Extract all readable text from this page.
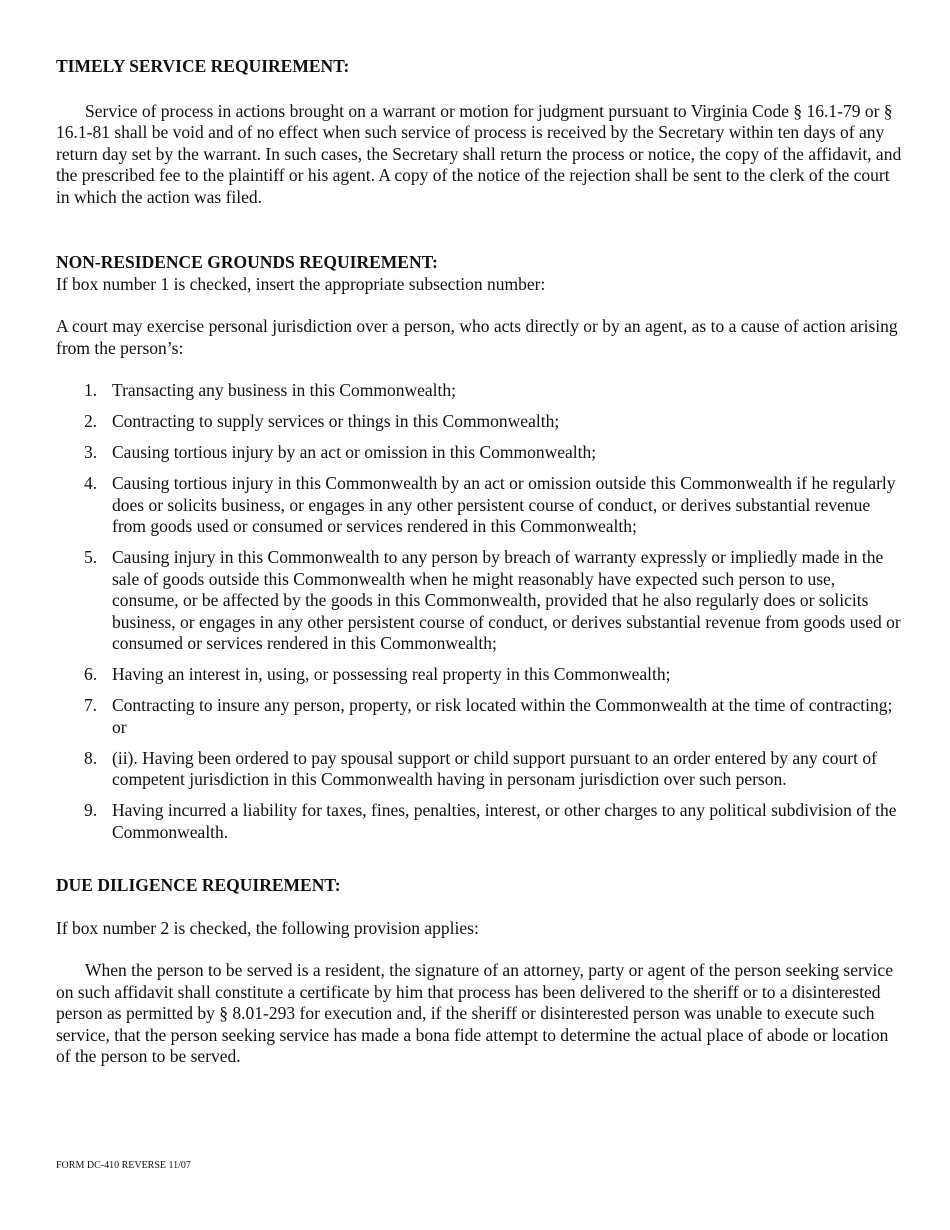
TIMELY SERVICE REQUIREMENT:

Service of process in actions brought on a warrant or motion for judgment pursuant to Virginia Code § 16.1-79 or § 16.1-81 shall be void and of no effect when such service of process is received by the Secretary within ten days of any return day set by the warrant. In such cases, the Secretary shall return the process or notice, the copy of the affidavit, and the prescribed fee to the plaintiff or his agent. A copy of the notice of the rejection shall be sent to the clerk of the court in which the action was filed.

NON-RESIDENCE GROUNDS REQUIREMENT:

If box number 1 is checked, insert the appropriate subsection number:

A court may exercise personal jurisdiction over a person, who acts directly or by an agent, as to a cause of action arising from the person’s:

1. Transacting any business in this Commonwealth;
2. Contracting to supply services or things in this Commonwealth;
3. Causing tortious injury by an act or omission in this Commonwealth;
4. Causing tortious injury in this Commonwealth by an act or omission outside this Commonwealth if he regularly does or solicits business, or engages in any other persistent course of conduct, or derives substantial revenue from goods used or consumed or services rendered in this Commonwealth;
5. Causing injury in this Commonwealth to any person by breach of warranty expressly or impliedly made in the sale of goods outside this Commonwealth when he might reasonably have expected such person to use, consume, or be affected by the goods in this Commonwealth, provided that he also regularly does or solicits business, or engages in any other persistent course of conduct, or derives substantial revenue from goods used or consumed or services rendered in this Commonwealth;
6. Having an interest in, using, or possessing real property in this Commonwealth;
7. Contracting to insure any person, property, or risk located within the Commonwealth at the time of contracting; or
8. (ii). Having been ordered to pay spousal support or child support pursuant to an order entered by any court of competent jurisdiction in this Commonwealth having in personam jurisdiction over such person.
9. Having incurred a liability for taxes, fines, penalties, interest, or other charges to any political subdivision of the Commonwealth.
DUE DILIGENCE REQUIREMENT:

If box number 2 is checked, the following provision applies:

When the person to be served is a resident, the signature of an attorney, party or agent of the person seeking service on such affidavit shall constitute a certificate by him that process has been delivered to the sheriff or to a disinterested person as permitted by § 8.01-293 for execution and, if the sheriff or disinterested person was unable to execute such service, that the person seeking service has made a bona fide attempt to determine the actual place of abode or location of the person to be served.

FORM DC-410 REVERSE 11/07
